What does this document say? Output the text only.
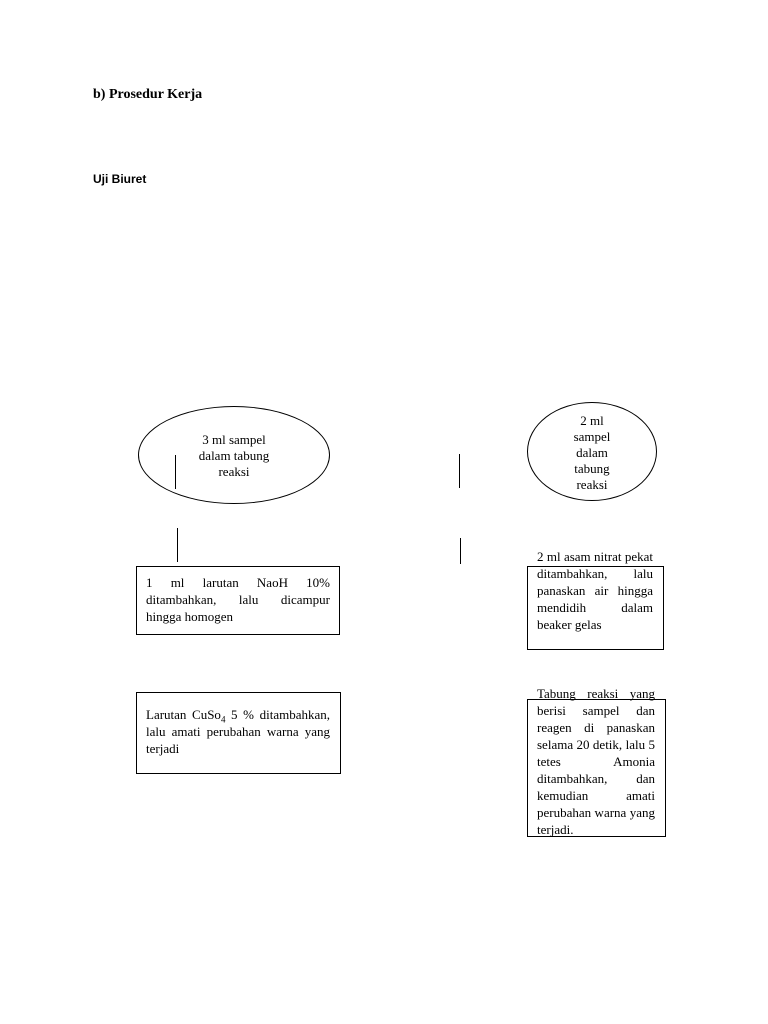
b) Prosedur Kerja
Uji Biuret
3 ml sampel dalam tabung reaksi
1 ml larutan NaoH 10% ditambahkan, lalu dicampur hingga homogen
Larutan CuSo$_4$ 5 % ditambahkan, lalu amati perubahan warna yang terjadi
2 ml sampel dalam tabung reaksi
2 ml asam nitrat pekat ditambahkan, lalu panaskan air hingga mendidih dalam beaker gelas
Tabung reaksi yang berisi sampel dan reagen di panaskan selama 20 detik, lalu 5 tetes Amonia ditambahkan, dan kemudian amati perubahan warna yang terjadi.
